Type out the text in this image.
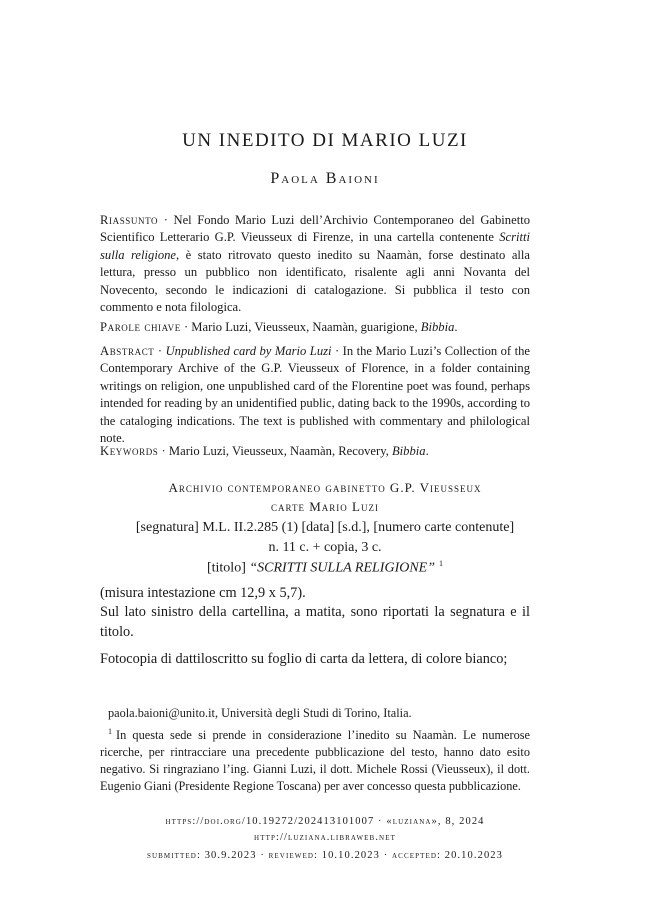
UN INEDITO DI MARIO LUZI
Paola Baioni
Riassunto · Nel Fondo Mario Luzi dell’Archivio Contemporaneo del Gabinetto Scientifico Letterario G.P. Vieusseux di Firenze, in una cartella contenente Scritti sulla religione, è stato ritrovato questo inedito su Naamàn, forse destinato alla lettura, presso un pubblico non identificato, risalente agli anni Novanta del Novecento, secondo le indicazioni di catalogazione. Si pubblica il testo con commento e nota filologica.
Parole chiave · Mario Luzi, Vieusseux, Naamàn, guarigione, Bibbia.
Abstract · Unpublished card by Mario Luzi · In the Mario Luzi’s Collection of the Contemporary Archive of the G.P. Vieusseux of Florence, in a folder containing writings on religion, one unpublished card of the Florentine poet was found, perhaps intended for reading by an unidentified public, dating back to the 1990s, according to the cataloging indications. The text is published with commentary and philological note.
Keywords · Mario Luzi, Vieusseux, Naamàn, Recovery, Bibbia.
Archivio contemporaneo gabinetto G.P. Vieusseux
carte Mario Luzi
[segnatura] M.L. II.2.285 (1) [data] [s.d.], [numero carte contenute]
n. 11 c. + copia, 3 c.
[titolo] “SCRITTI SULLA RELIGIONE” $^1$
(misura intestazione cm 12,9 x 5,7).
Sul lato sinistro della cartellina, a matita, sono riportati la segnatura e il titolo.
Fotocopia di dattiloscritto su foglio di carta da lettera, di colore bianco;
paola.baioni@unito.it, Università degli Studi di Torino, Italia.
$^1$ In questa sede si prende in considerazione l’inedito su Naamàn. Le numerose ricerche, per rintracciare una precedente pubblicazione del testo, hanno dato esito negativo. Si ringraziano l’ing. Gianni Luzi, il dott. Michele Rossi (Vieusseux), il dott. Eugenio Giani (Presidente Regione Toscana) per aver concesso questa pubblicazione.
https://doi.org/10.19272/202413101007 · «luziana», 8, 2024
http://luziana.libraweb.net
submitted: 30.9.2023 · reviewed: 10.10.2023 · accepted: 20.10.2023
